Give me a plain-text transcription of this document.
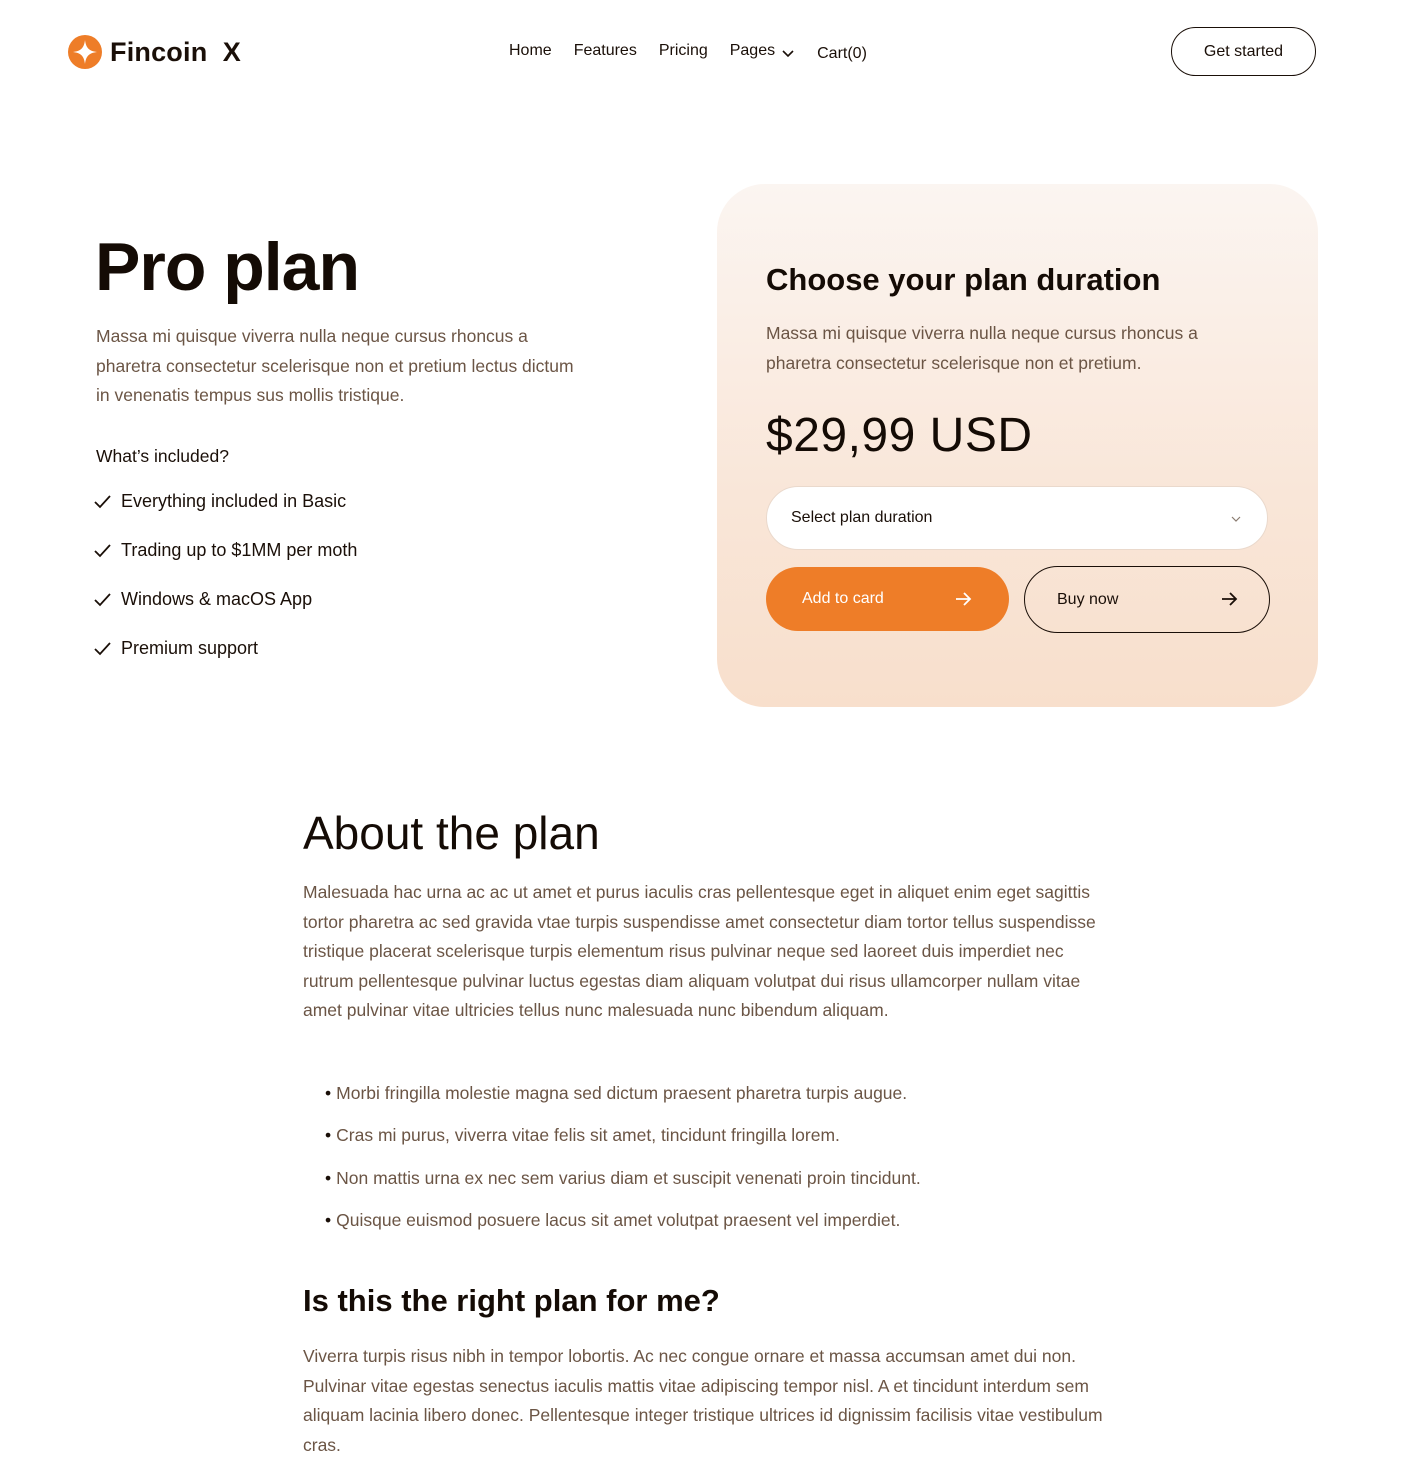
Fincoin  X	Home Features Pricing Pages	Cart(0)	Get started
Pro plan

Massa mi quisque viverra nulla neque cursus rhoncus a pharetra consectetur scelerisque non et pretium lectus dictum in venenatis tempus sus mollis tristique.

What’s included?

Everything included in Basic
Trading up to $1MM per moth
Windows & macOS App
Premium support
Choose your plan duration

Massa mi quisque viverra nulla neque cursus rhoncus a pharetra consectetur scelerisque non et pretium.

$29,99 USD

Select plan duration
Add to card	Buy now
About the plan

Malesuada hac urna ac ac ut amet et purus iaculis cras pellentesque eget in aliquet enim eget sagittis tortor pharetra ac sed gravida vtae turpis suspendisse amet consectetur diam tortor tellus suspendisse tristique placerat scelerisque turpis elementum risus pulvinar neque sed laoreet duis imperdiet nec rutrum pellentesque pulvinar luctus egestas diam aliquam volutpat dui risus ullamcorper nullam vitae amet pulvinar vitae ultricies tellus nunc malesuada nunc bibendum aliquam.

• Morbi fringilla molestie magna sed dictum praesent pharetra turpis augue.
• Cras mi purus, viverra vitae felis sit amet, tincidunt fringilla lorem.
• Non mattis urna ex nec sem varius diam et suscipit venenati proin tincidunt.
• Quisque euismod posuere lacus sit amet volutpat praesent vel imperdiet.
Is this the right plan for me?

Viverra turpis risus nibh in tempor lobortis. Ac nec congue ornare et massa accumsan amet dui non. Pulvinar vitae egestas senectus iaculis mattis vitae adipiscing tempor nisl. A et tincidunt interdum sem aliquam lacinia libero donec. Pellentesque integer tristique ultrices id dignissim facilisis vitae vestibulum cras.
